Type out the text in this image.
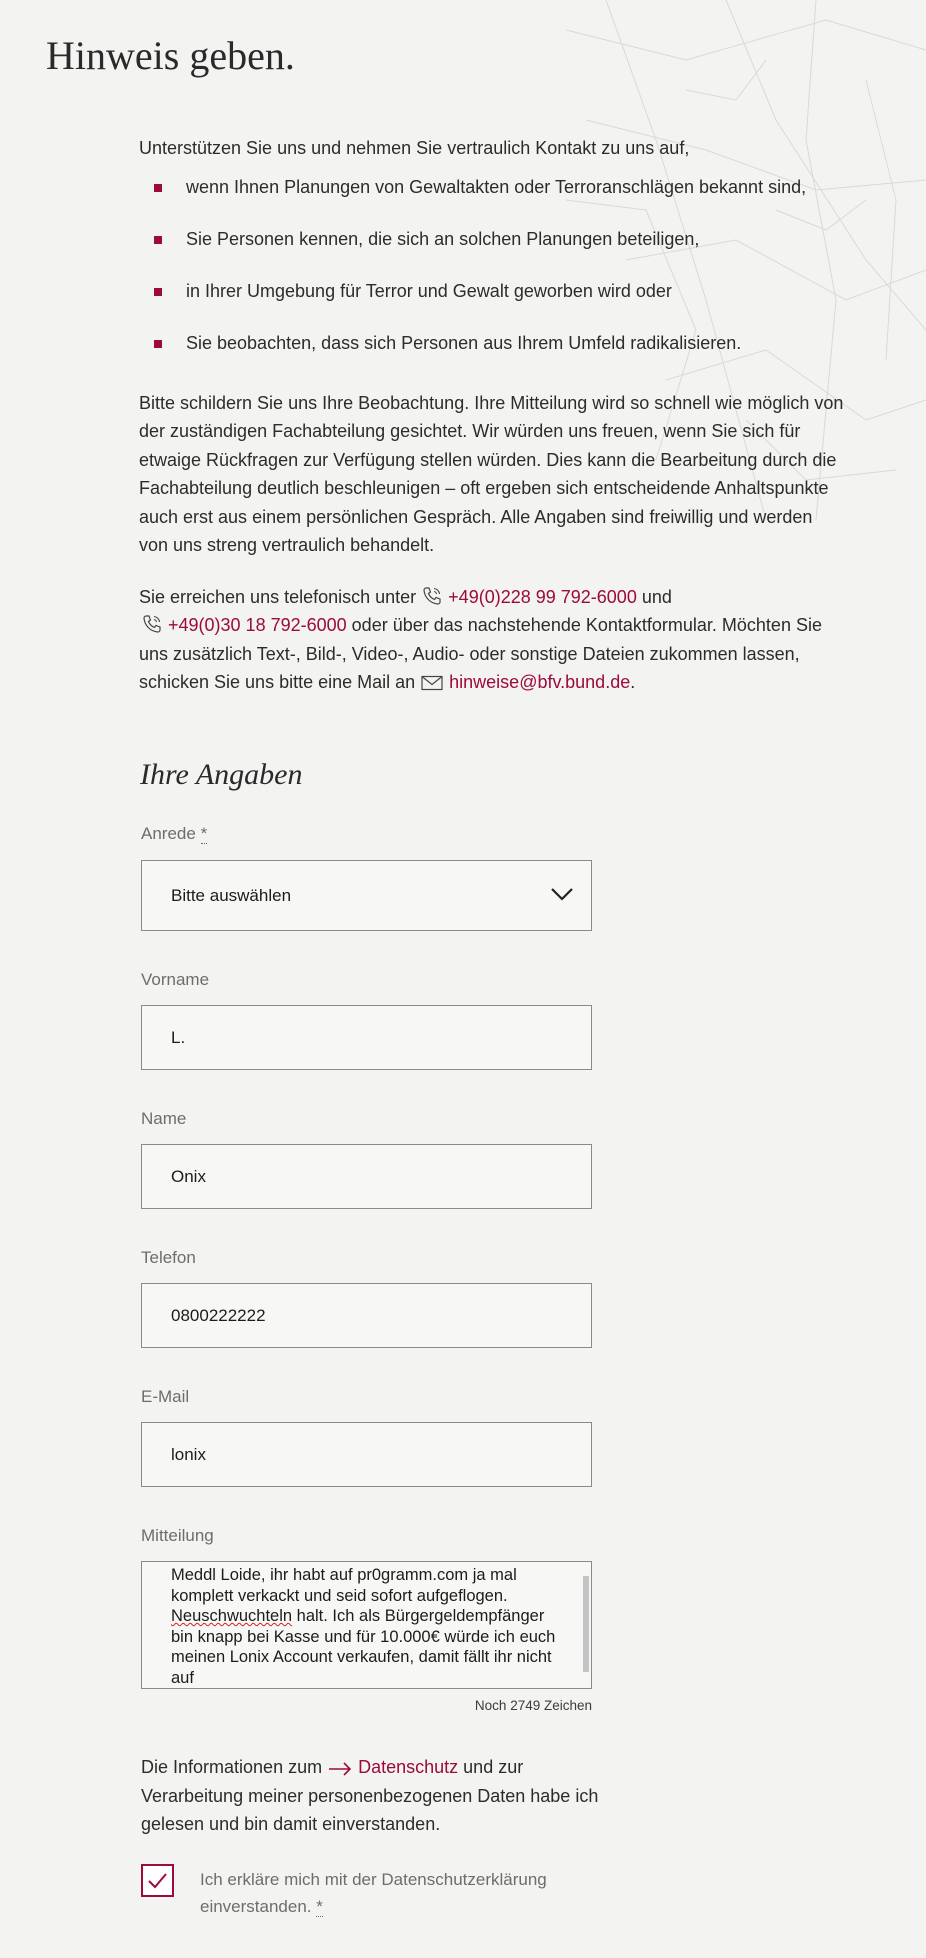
Hinweis geben.

Unterstützen Sie uns und nehmen Sie vertraulich Kontakt zu uns auf,

wenn Ihnen Planungen von Gewaltakten oder Terroranschlägen bekannt sind,
Sie Personen kennen, die sich an solchen Planungen beteiligen,
in Ihrer Umgebung für Terror und Gewalt geworben wird oder
Sie beobachten, dass sich Personen aus Ihrem Umfeld radikalisieren.

Bitte schildern Sie uns Ihre Beobachtung. Ihre Mitteilung wird so schnell wie möglich von der zuständigen Fachabteilung gesichtet. Wir würden uns freuen, wenn Sie sich für etwaige Rückfragen zur Verfügung stellen würden. Dies kann die Bearbeitung durch die Fachabteilung deutlich beschleunigen – oft ergeben sich entscheidende Anhaltspunkte auch erst aus einem persönlichen Gespräch. Alle Angaben sind freiwillig und werden von uns streng vertraulich behandelt.

Sie erreichen uns telefonisch unter +49(0)228 99 792-6000 und
+49(0)30 18 792-6000 oder über das nachstehende Kontaktformular. Möchten Sie uns zusätzlich Text-, Bild-, Video-, Audio- oder sonstige Dateien zukommen lassen, schicken Sie uns bitte eine Mail an hinweise@bfv.bund.de.

Ihre Angaben
Anrede *
Bitte auswählen
Vorname
L.
Name
Onix
Telefon
0800222222
E-Mail
lonix
Mitteilung
Meddl Loide, ihr habt auf pr0gramm.com ja mal komplett verkackt und seid sofort aufgeflogen. Neuschwuchteln halt. Ich als Bürgergeldempfänger bin knapp bei Kasse und für 10.000€ würde ich euch meinen Lonix Account verkaufen, damit fällt ihr nicht auf
Noch 2749 Zeichen
Die Informationen zum Datenschutz und zur Verarbeitung meiner personenbezogenen Daten habe ich gelesen und bin damit einverstanden.
Ich erkläre mich mit der Datenschutzerklärung einverstanden. *
